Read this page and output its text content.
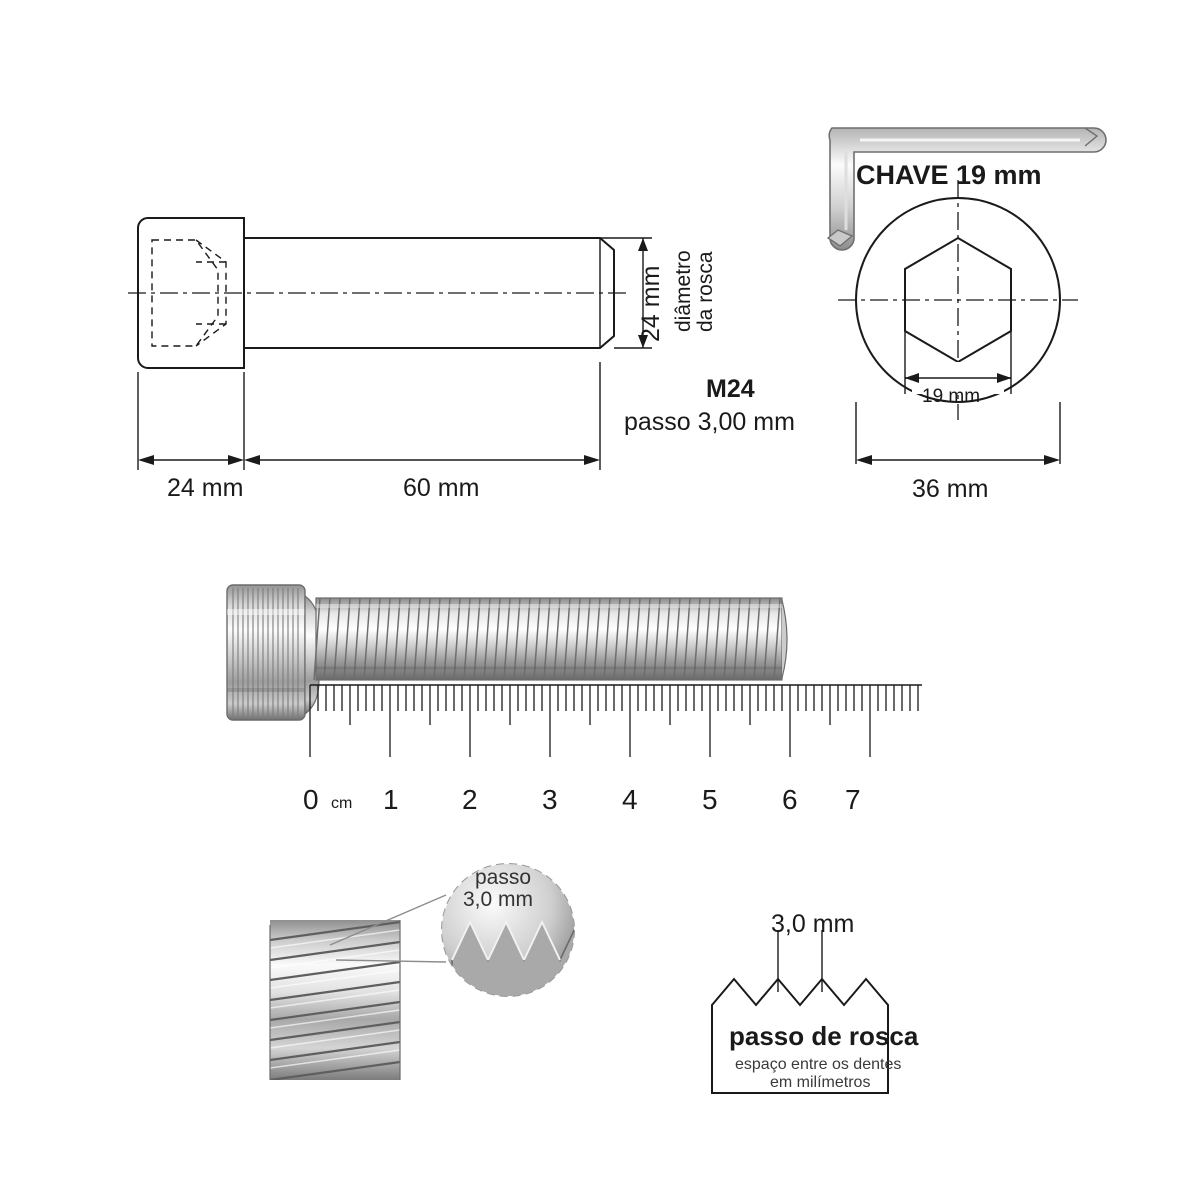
24 mm	60 mm
24 mm diâmetro da rosca
M24
passo 3,00 mm
CHAVE 19 mm
19 mm
36 mm
0 cm 1 2 3 4 5 6 7
passo
3,0 mm
3,0 mm
passo de rosca
espaço entre os dentes
em milímetros
